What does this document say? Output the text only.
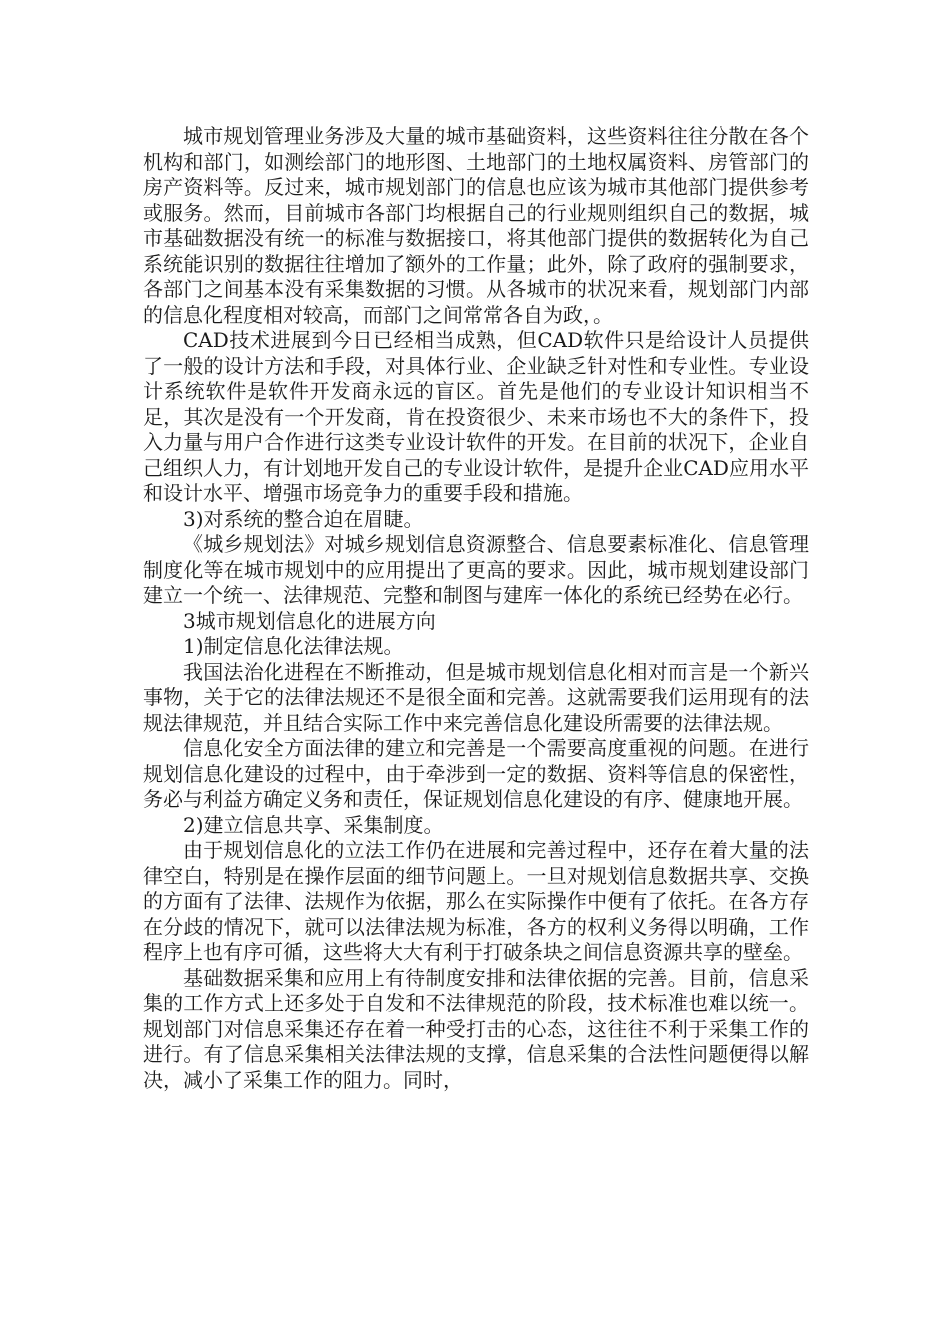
城市规划管理业务涉及大量的城市基础资料，这些资料往往分散在各个机构和部门，如测绘部门的地形图、土地部门的土地权属资料、房管部门的房产资料等。反过来，城市规划部门的信息也应该为城市其他部门提供参考或服务。然而，目前城市各部门均根据自己的行业规则组织自己的数据，城市基础数据没有统一的标准与数据接口，将其他部门提供的数据转化为自己系统能识别的数据往往增加了额外的工作量；此外，除了政府的强制要求，各部门之间基本没有采集数据的习惯。从各城市的状况来看，规划部门内部的信息化程度相对较高，而部门之间常常各自为政，。

CAD技术进展到今日已经相当成熟，但CAD软件只是给设计人员提供了一般的设计方法和手段，对具体行业、企业缺乏针对性和专业性。专业设计系统软件是软件开发商永远的盲区。首先是他们的专业设计知识相当不足，其次是没有一个开发商，肯在投资很少、未来市场也不大的条件下，投入力量与用户合作进行这类专业设计软件的开发。在目前的状况下，企业自己组织人力，有计划地开发自己的专业设计软件，是提升企业CAD应用水平和设计水平、增强市场竞争力的重要手段和措施。

3)对系统的整合迫在眉睫。

《城乡规划法》对城乡规划信息资源整合、信息要素标准化、信息管理制度化等在城市规划中的应用提出了更高的要求。因此，城市规划建设部门建立一个统一、法律规范、完整和制图与建库一体化的系统已经势在必行。

3城市规划信息化的进展方向

1)制定信息化法律法规。

我国法治化进程在不断推动，但是城市规划信息化相对而言是一个新兴事物，关于它的法律法规还不是很全面和完善。这就需要我们运用现有的法规法律规范，并且结合实际工作中来完善信息化建设所需要的法律法规。

信息化安全方面法律的建立和完善是一个需要高度重视的问题。在进行规划信息化建设的过程中，由于牵涉到一定的数据、资料等信息的保密性，务必与利益方确定义务和责任，保证规划信息化建设的有序、健康地开展。

2)建立信息共享、采集制度。

由于规划信息化的立法工作仍在进展和完善过程中，还存在着大量的法律空白，特别是在操作层面的细节问题上。一旦对规划信息数据共享、交换的方面有了法律、法规作为依据，那么在实际操作中便有了依托。在各方存在分歧的情况下，就可以法律法规为标准，各方的权利义务得以明确，工作程序上也有序可循，这些将大大有利于打破条块之间信息资源共享的壁垒。

基础数据采集和应用上有待制度安排和法律依据的完善。目前，信息采集的工作方式上还多处于自发和不法律规范的阶段，技术标准也难以统一。规划部门对信息采集还存在着一种受打击的心态，这往往不利于采集工作的进行。有了信息采集相关法律法规的支撑，信息采集的合法性问题便得以解决，减小了采集工作的阻力。同时，
